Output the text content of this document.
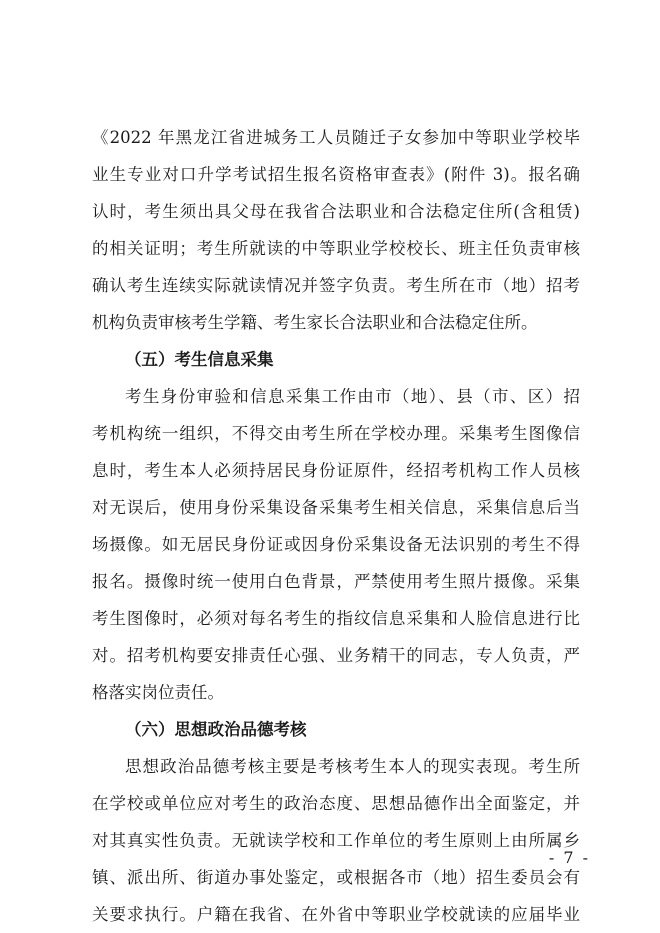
《2022 年黑龙江省进城务工人员随迁子女参加中等职业学校毕
业生专业对口升学考试招生报名资格审查表》(附件 3)。报名确
认时，考生须出具父母在我省合法职业和合法稳定住所(含租赁)
的相关证明；考生所就读的中等职业学校校长、班主任负责审核
确认考生连续实际就读情况并签字负责。考生所在市（地）招考
机构负责审核考生学籍、考生家长合法职业和合法稳定住所。
（五）考生信息采集
考生身份审验和信息采集工作由市（地）、县（市、区）招
考机构统一组织，不得交由考生所在学校办理。采集考生图像信
息时，考生本人必须持居民身份证原件，经招考机构工作人员核
对无误后，使用身份采集设备采集考生相关信息，采集信息后当
场摄像。如无居民身份证或因身份采集设备无法识别的考生不得
报名。摄像时统一使用白色背景，严禁使用考生照片摄像。采集
考生图像时，必须对每名考生的指纹信息采集和人脸信息进行比
对。招考机构要安排责任心强、业务精干的同志，专人负责，严
格落实岗位责任。
（六）思想政治品德考核
思想政治品德考核主要是考核考生本人的现实表现。考生所
在学校或单位应对考生的政治态度、思想品德作出全面鉴定，并
对其真实性负责。无就读学校和工作单位的考生原则上由所属乡
镇、派出所、街道办事处鉴定，或根据各市（地）招生委员会有
关要求执行。户籍在我省、在外省中等职业学校就读的应届毕业
- 7 -
